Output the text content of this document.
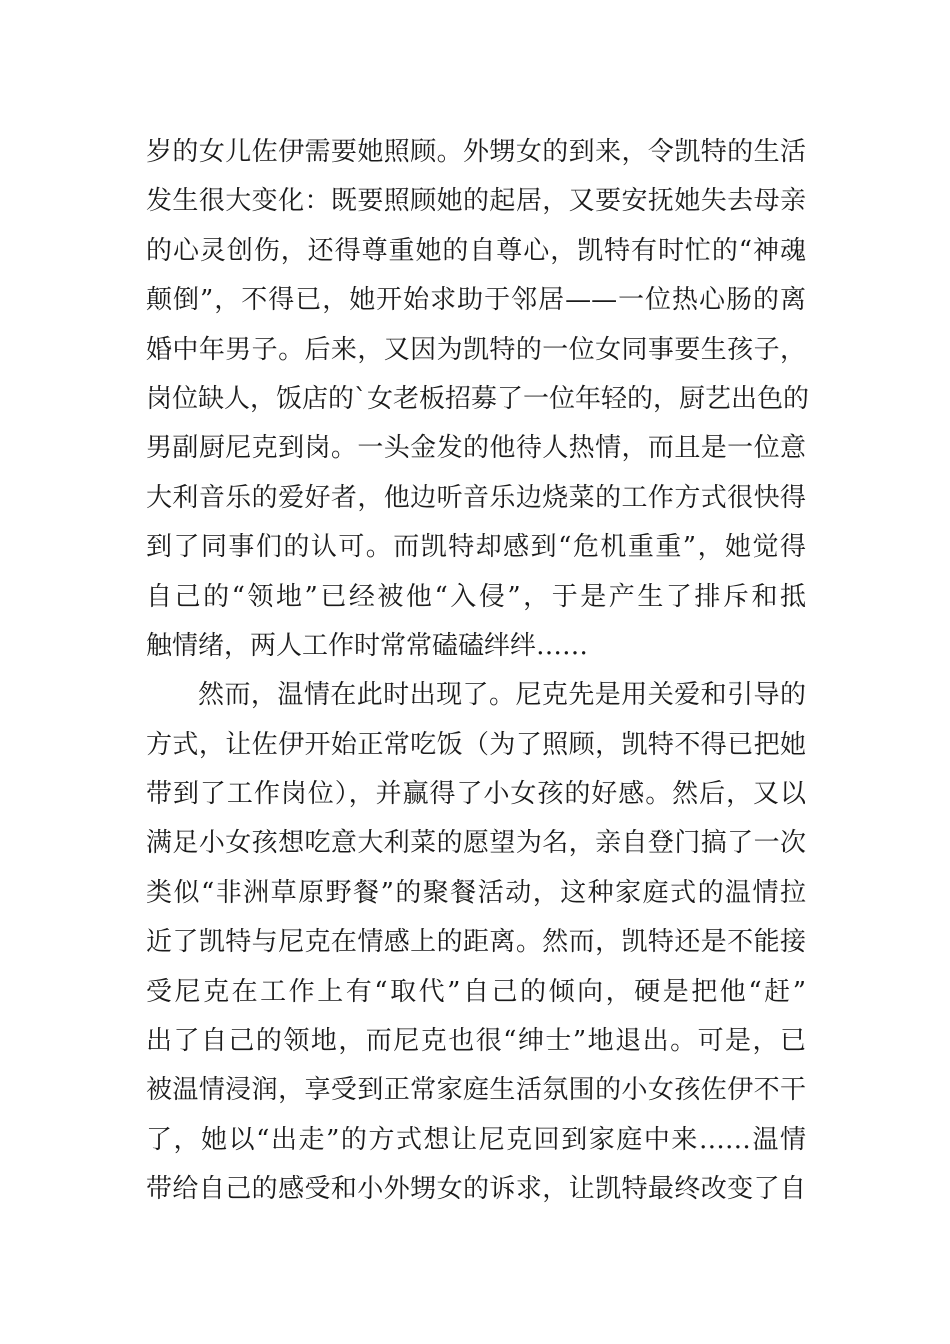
岁的女儿佐伊需要她照顾。外甥女的到来，令凯特的生活
发生很大变化：既要照顾她的起居，又要安抚她失去母亲
的心灵创伤，还得尊重她的自尊心，凯特有时忙的“神魂
颠倒”，不得已，她开始求助于邻居——一位热心肠的离
婚中年男子。后来，又因为凯特的一位女同事要生孩子，
岗位缺人，饭店的`女老板招募了一位年轻的，厨艺出色的
男副厨尼克到岗。一头金发的他待人热情，而且是一位意
大利音乐的爱好者，他边听音乐边烧菜的工作方式很快得
到了同事们的认可。而凯特却感到“危机重重”，她觉得
自己的“领地”已经被他“入侵”，于是产生了排斥和抵
触情绪，两人工作时常常磕磕绊绊……
然而，温情在此时出现了。尼克先是用关爱和引导的
方式，让佐伊开始正常吃饭（为了照顾，凯特不得已把她
带到了工作岗位），并赢得了小女孩的好感。然后，又以
满足小女孩想吃意大利菜的愿望为名，亲自登门搞了一次
类似“非洲草原野餐”的聚餐活动，这种家庭式的温情拉
近了凯特与尼克在情感上的距离。然而，凯特还是不能接
受尼克在工作上有“取代”自己的倾向，硬是把他“赶”
出了自己的领地，而尼克也很“绅士”地退出。可是，已
被温情浸润，享受到正常家庭生活氛围的小女孩佐伊不干
了，她以“出走”的方式想让尼克回到家庭中来……温情
带给自己的感受和小外甥女的诉求，让凯特最终改变了自
